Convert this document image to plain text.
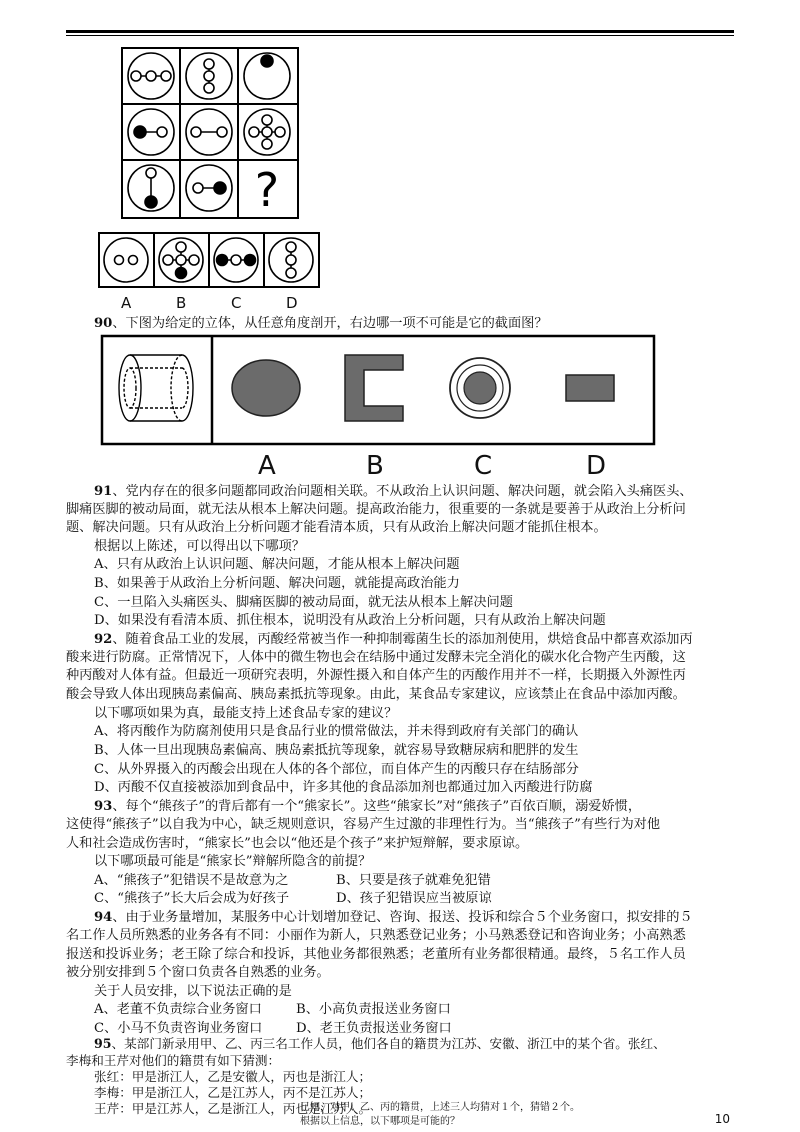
?
A	B	C	D
90、下图为给定的立体，从任意角度剖开，右边哪一项不可能是它的截面图？
A	B	C	D
91、党内存在的很多问题都同政治问题相关联。不从政治上认识问题、解决问题，就会陷入头痛医头、
脚痛医脚的被动局面，就无法从根本上解决问题。提高政治能力，很重要的一条就是要善于从政治上分析问
题、解决问题。只有从政治上分析问题才能看清本质，只有从政治上解决问题才能抓住根本。
根据以上陈述，可以得出以下哪项？
A、只有从政治上认识问题、解决问题，才能从根本上解决问题
B、如果善于从政治上分析问题、解决问题，就能提高政治能力
C、一旦陷入头痛医头、脚痛医脚的被动局面，就无法从根本上解决问题
D、如果没有看清本质、抓住根本，说明没有从政治上分析问题，只有从政治上解决问题
92、随着食品工业的发展，丙酸经常被当作一种抑制霉菌生长的添加剂使用，烘焙食品中都喜欢添加丙
酸来进行防腐。正常情况下，人体中的微生物也会在结肠中通过发酵未完全消化的碳水化合物产生丙酸，这
种丙酸对人体有益。但最近一项研究表明，外源性摄入和自体产生的丙酸作用并不一样，长期摄入外源性丙
酸会导致人体出现胰岛素偏高、胰岛素抵抗等现象。由此，某食品专家建议，应该禁止在食品中添加丙酸。
以下哪项如果为真，最能支持上述食品专家的建议？
A、将丙酸作为防腐剂使用只是食品行业的惯常做法，并未得到政府有关部门的确认
B、人体一旦出现胰岛素偏高、胰岛素抵抗等现象，就容易导致糖尿病和肥胖的发生
C、从外界摄入的丙酸会出现在人体的各个部位，而自体产生的丙酸只存在结肠部分
D、丙酸不仅直接被添加到食品中，许多其他的食品添加剂也都通过加入丙酸进行防腐
93、每个“熊孩子”的背后都有一个“熊家长”。这些“熊家长”对“熊孩子”百依百顺，溺爱娇惯，
这使得“熊孩子”以自我为中心，缺乏规则意识，容易产生过激的非理性行为。当“熊孩子”有些行为对他
人和社会造成伤害时，“熊家长”也会以“他还是个孩子”来护短辩解，要求原谅。
以下哪项最可能是“熊家长”辩解所隐含的前提？
A、“熊孩子”犯错误不是故意为之	B、只要是孩子就难免犯错
C、“熊孩子”长大后会成为好孩子	D、孩子犯错误应当被原谅
94、由于业务量增加，某服务中心计划增加登记、咨询、报送、投诉和综合５个业务窗口，拟安排的５
名工作人员所熟悉的业务各有不同：小丽作为新人，只熟悉登记业务；小马熟悉登记和咨询业务；小高熟悉
报送和投诉业务；老王除了综合和投诉，其他业务都很熟悉；老董所有业务都很精通。最终，５名工作人员
被分别安排到５个窗口负责各自熟悉的业务。
关于人员安排，以下说法正确的是
A、老董不负责综合业务窗口	B、小高负责报送业务窗口
C、小马不负责咨询业务窗口	D、老王负责报送业务窗口
95、某部门新录用甲、乙、丙三名工作人员，他们各自的籍贯为江苏、安徽、浙江中的某个省。张红、
李梅和王芹对他们的籍贯有如下猜测：
张红：甲是浙江人，乙是安徽人，丙也是浙江人；
李梅：甲是浙江人，乙是江苏人，丙不是江苏人；
王芹：甲是江苏人，乙是浙江人，丙也是江苏人。
10
已知，对甲、乙、丙的籍贯，上述三人均猜对１个，猜错２个。
根据以上信息，以下哪项是可能的？
